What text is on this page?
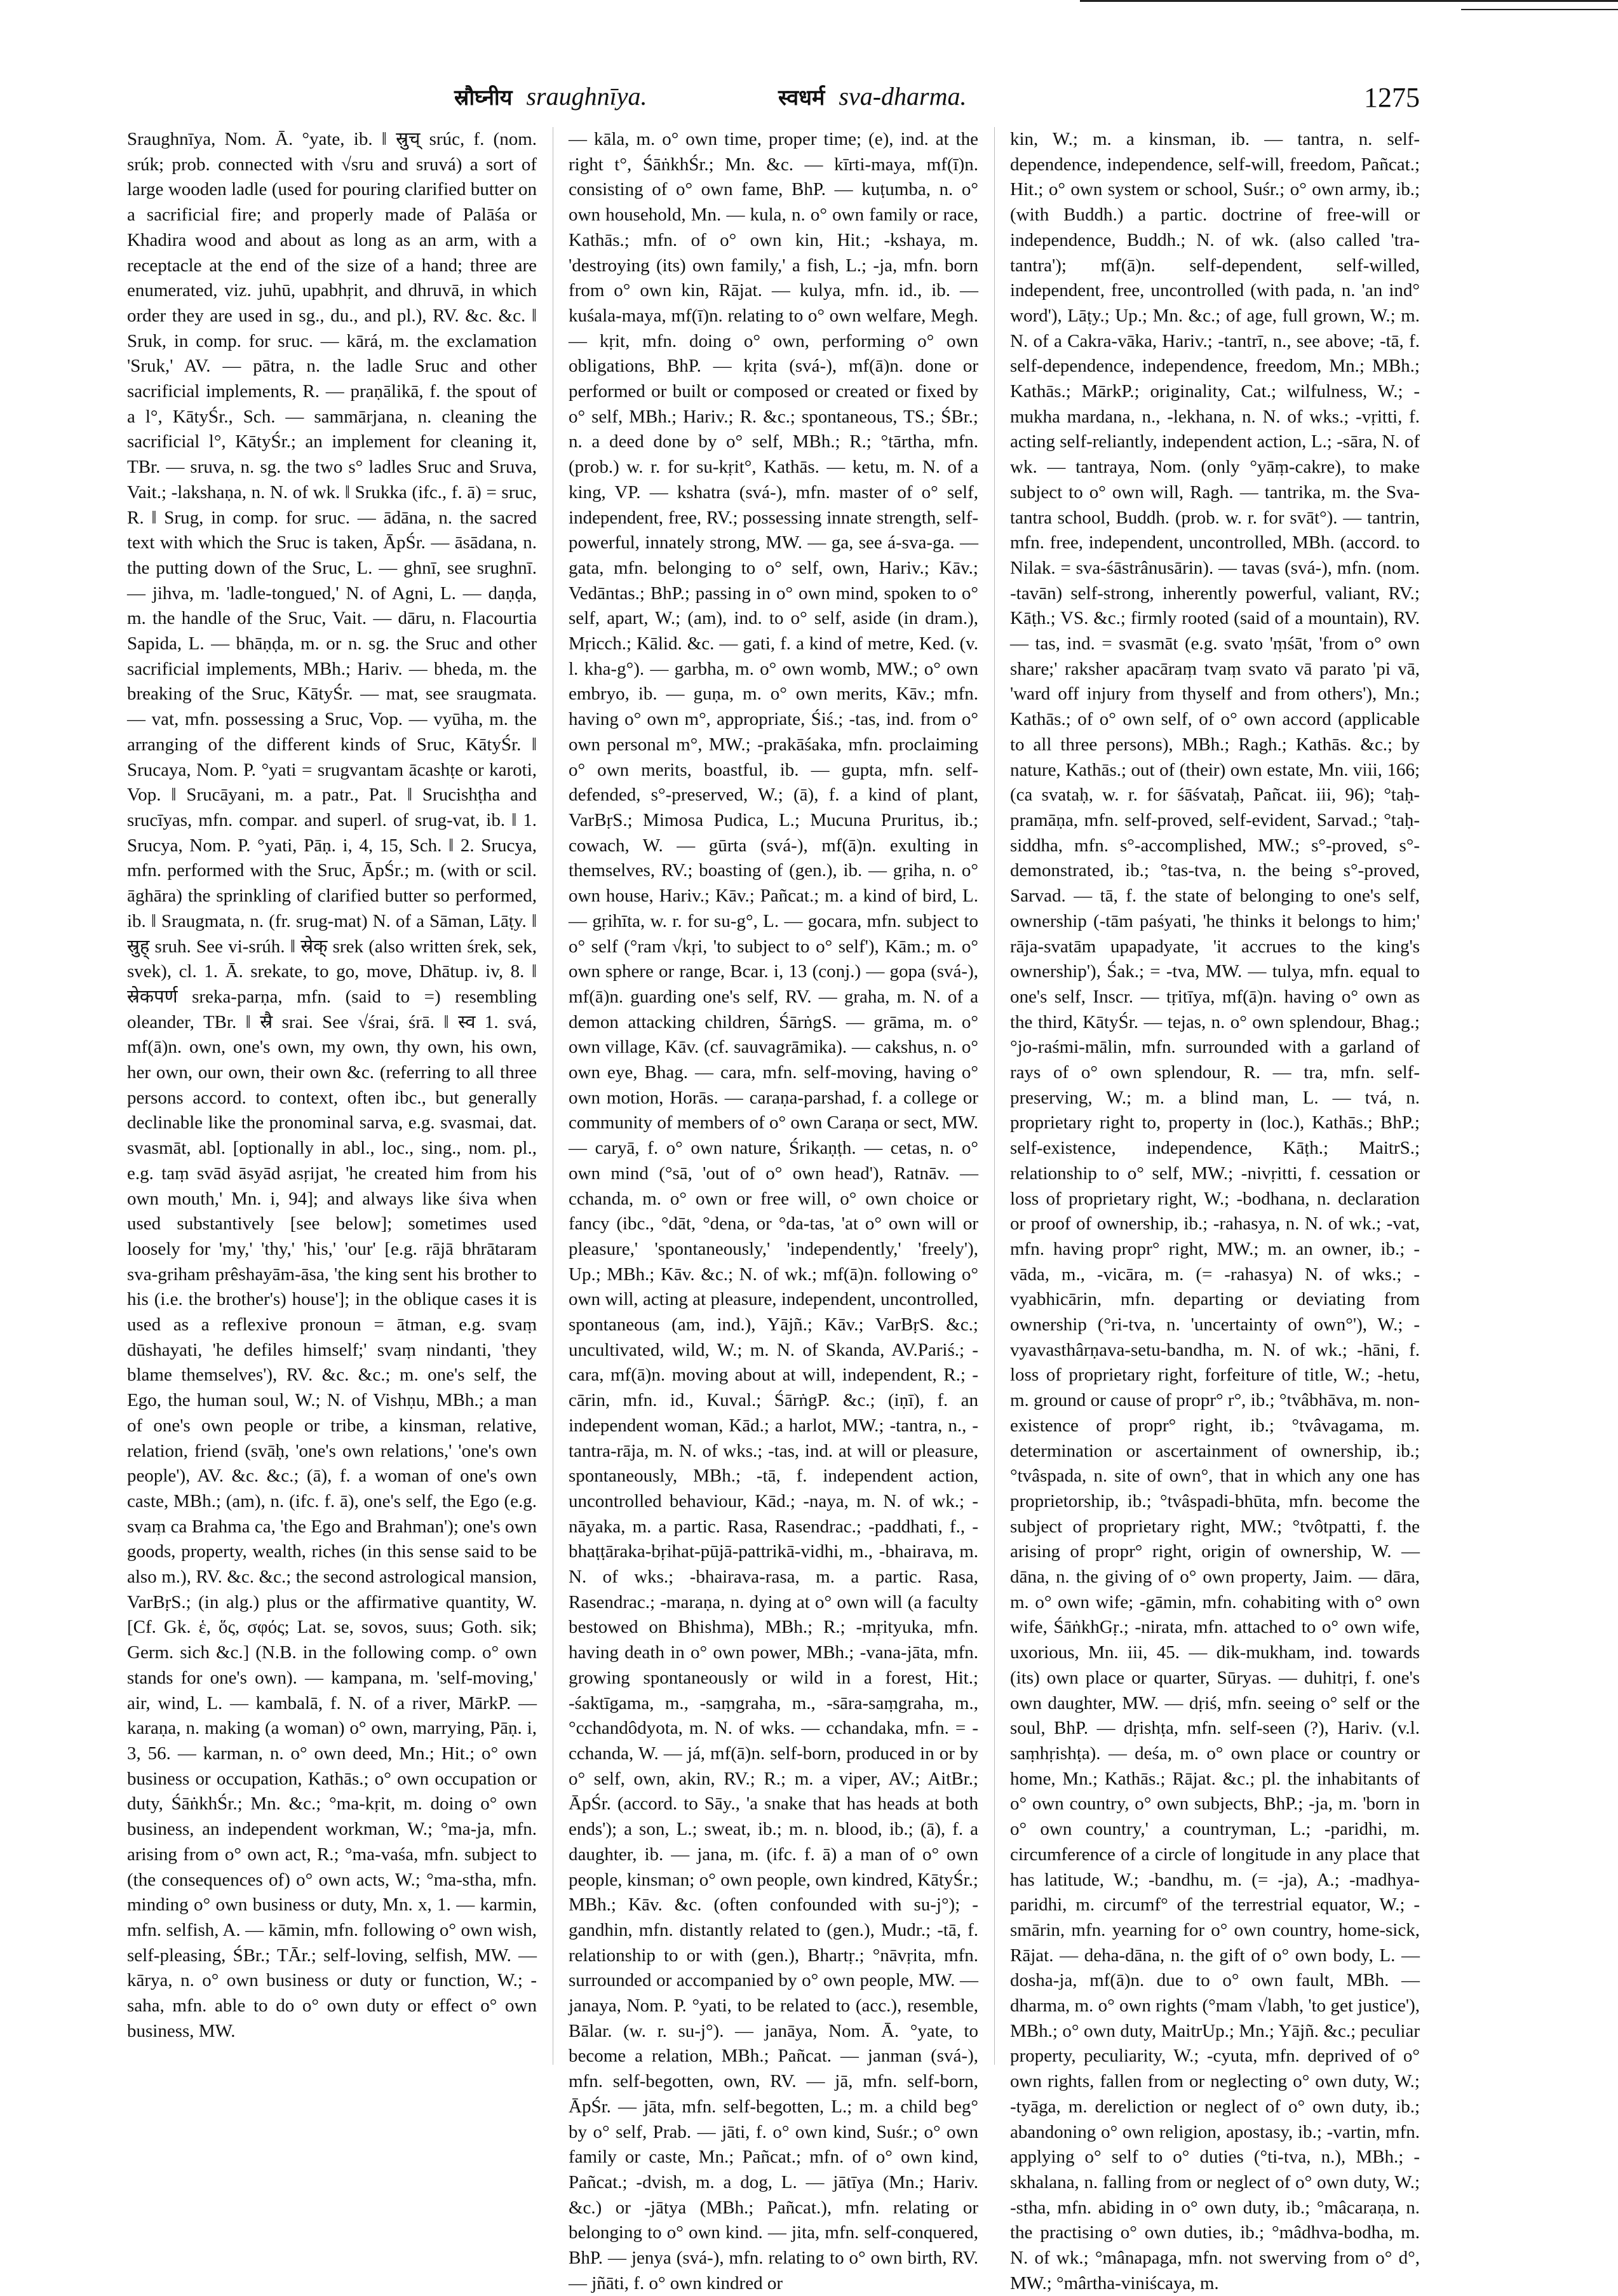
स्रौघ्नीय sraughnīya.	स्वधर्म sva-dharma.	1275

Sraughnīya, Nom. Ā. °yate, ib. ‖ स्रुच् srúc, f. (nom. srúk; prob. connected with √sru and sruvá) a sort of large wooden ladle (used for pouring clarified butter on a sacrificial fire; and properly made of Palāśa or Khadira wood and about as long as an arm, with a receptacle at the end of the size of a hand; three are enumerated, viz. juhū, upabhṛit, and dhruvā, in which order they are used in sg., du., and pl.), RV. &c. &c. ‖ Sruk, in comp. for sruc. — kārá, m. the exclamation 'Sruk,' AV. — pātra, n. the ladle Sruc and other sacrificial implements, R. — praṇālikā, f. the spout of a l°, KātyŚr., Sch. — sammārjana, n. cleaning the sacrificial l°, KātyŚr.; an implement for cleaning it, TBr. — sruva, n. sg. the two s° ladles Sruc and Sruva, Vait.; -lakshaṇa, n. N. of wk. ‖ Srukka (ifc., f. ā) = sruc, R. ‖ Srug, in comp. for sruc. — ādāna, n. the sacred text with which the Sruc is taken, ĀpŚr. — āsādana, n. the putting down of the Sruc, L. — ghnī, see srughnī. — jihva, m. 'ladle-tongued,' N. of Agni, L. — daṇḍa, m. the handle of the Sruc, Vait. — dāru, n. Flacourtia Sapida, L. — bhāṇḍa, m. or n. sg. the Sruc and other sacrificial implements, MBh.; Hariv. — bheda, m. the breaking of the Sruc, KātyŚr. — mat, see sraugmata. — vat, mfn. possessing a Sruc, Vop. — vyūha, m. the arranging of the different kinds of Sruc, KātyŚr. ‖ Srucaya, Nom. P. °yati = srugvantam ācashṭe or karoti, Vop. ‖ Srucāyani, m. a patr., Pat. ‖ Srucishṭha and srucīyas, mfn. compar. and superl. of srug-vat, ib. ‖ 1. Srucya, Nom. P. °yati, Pāṇ. i, 4, 15, Sch. ‖ 2. Srucya, mfn. performed with the Sruc, ĀpŚr.; m. (with or scil. āghāra) the sprinkling of clarified butter so performed, ib. ‖ Sraugmata, n. (fr. srug-mat) N. of a Sāman, Lāṭy. ‖ स्रुह् sruh. See vi-srúh. ‖ स्रेक् srek (also written śrek, sek, svek), cl. 1. Ā. srekate, to go, move, Dhātup. iv, 8. ‖ स्रेकपर्ण sreka-parṇa, mfn. (said to =) resembling oleander, TBr. ‖ स्रै srai. See √śrai, śrā. ‖ स्व 1. svá, mf(ā)n. own, one's own, my own, thy own, his own, her own, our own, their own &c. (referring to all three persons accord. to context, often ibc., but generally declinable like the pronominal sarva, e.g. svasmai, dat. svasmāt, abl. [optionally in abl., loc., sing., nom. pl., e.g. taṃ svād āsyād asṛijat, 'he created him from his own mouth,' Mn. i, 94]; and always like śiva when used substantively [see below]; sometimes used loosely for 'my,' 'thy,' 'his,' 'our' [e.g. rājā bhrātaram sva-griham prêshayām-āsa, 'the king sent his brother to his (i.e. the brother's) house']; in the oblique cases it is used as a reflexive pronoun = ātman, e.g. svaṃ dūshayati, 'he defiles himself;' svaṃ nindanti, 'they blame themselves'), RV. &c. &c.; m. one's self, the Ego, the human soul, W.; N. of Vishṇu, MBh.; a man of one's own people or tribe, a kinsman, relative, relation, friend (svāḥ, 'one's own relations,' 'one's own people'), AV. &c. &c.; (ā), f. a woman of one's own caste, MBh.; (am), n. (ifc. f. ā), one's self, the Ego (e.g. svaṃ ca Brahma ca, 'the Ego and Brahman'); one's own goods, property, wealth, riches (in this sense said to be also m.), RV. &c. &c.; the second astrological mansion, VarBṛS.; (in alg.) plus or the affirmative quantity, W. [Cf. Gk. ἑ, ὅς, σφός; Lat. se, sovos, suus; Goth. sik; Germ. sich &c.] (N.B. in the following comp. o° own stands for one's own). — kampana, m. 'self-moving,' air, wind, L. — kambalā, f. N. of a river, MārkP. — karaṇa, n. making (a woman) o° own, marrying, Pāṇ. i, 3, 56. — karman, n. o° own deed, Mn.; Hit.; o° own business or occupation, Kathās.; o° own occupation or duty, ŚāṅkhŚr.; Mn. &c.; °ma-kṛit, m. doing o° own business, an independent workman, W.; °ma-ja, mfn. arising from o° own act, R.; °ma-vaśa, mfn. subject to (the consequences of) o° own acts, W.; °ma-stha, mfn. minding o° own business or duty, Mn. x, 1. — karmin, mfn. selfish, A. — kāmin, mfn. following o° own wish, self-pleasing, ŚBr.; TĀr.; self-loving, selfish, MW. — kārya, n. o° own business or duty or function, W.; -saha, mfn. able to do o° own duty or effect o° own business, MW.

— kāla, m. o° own time, proper time; (e), ind. at the right t°, ŚāṅkhŚr.; Mn. &c. — kīrti-maya, mf(ī)n. consisting of o° own fame, BhP. — kuṭumba, n. o° own household, Mn. — kula, n. o° own family or race, Kathās.; mfn. of o° own kin, Hit.; -kshaya, m. 'destroying (its) own family,' a fish, L.; -ja, mfn. born from o° own kin, Rājat. — kulya, mfn. id., ib. — kuśala-maya, mf(ī)n. relating to o° own welfare, Megh. — kṛit, mfn. doing o° own, performing o° own obligations, BhP. — kṛita (svá-), mf(ā)n. done or performed or built or composed or created or fixed by o° self, MBh.; Hariv.; R. &c.; spontaneous, TS.; ŚBr.; n. a deed done by o° self, MBh.; R.; °tārtha, mfn. (prob.) w. r. for su-kṛit°, Kathās. — ketu, m. N. of a king, VP. — kshatra (svá-), mfn. master of o° self, independent, free, RV.; possessing innate strength, self-powerful, innately strong, MW. — ga, see á-sva-ga. — gata, mfn. belonging to o° self, own, Hariv.; Kāv.; Vedāntas.; BhP.; passing in o° own mind, spoken to o° self, apart, W.; (am), ind. to o° self, aside (in dram.), Mṛicch.; Kālid. &c. — gati, f. a kind of metre, Ked. (v. l. kha-g°). — garbha, m. o° own womb, MW.; o° own embryo, ib. — guṇa, m. o° own merits, Kāv.; mfn. having o° own m°, appropriate, Śiś.; -tas, ind. from o° own personal m°, MW.; -prakāśaka, mfn. proclaiming o° own merits, boastful, ib. — gupta, mfn. self-defended, s°-preserved, W.; (ā), f. a kind of plant, VarBṛS.; Mimosa Pudica, L.; Mucuna Pruritus, ib.; cowach, W. — gūrta (svá-), mf(ā)n. exulting in themselves, RV.; boasting of (gen.), ib. — gṛiha, n. o° own house, Hariv.; Kāv.; Pañcat.; m. a kind of bird, L. — gṛihīta, w. r. for su-g°, L. — gocara, mfn. subject to o° self (°ram √kṛi, 'to subject to o° self'), Kām.; m. o° own sphere or range, Bcar. i, 13 (conj.) — gopa (svá-), mf(ā)n. guarding one's self, RV. — graha, m. N. of a demon attacking children, ŚārṅgS. — grāma, m. o° own village, Kāv. (cf. sauvagrāmika). — cakshus, n. o° own eye, Bhag. — cara, mfn. self-moving, having o° own motion, Horās. — caraṇa-parshad, f. a college or community of members of o° own Caraṇa or sect, MW. — caryā, f. o° own nature, Śrikaṇṭh. — cetas, n. o° own mind (°sā, 'out of o° own head'), Ratnāv. — cchanda, m. o° own or free will, o° own choice or fancy (ibc., °dāt, °dena, or °da-tas, 'at o° own will or pleasure,' 'spontaneously,' 'independently,' 'freely'), Up.; MBh.; Kāv. &c.; N. of wk.; mf(ā)n. following o° own will, acting at pleasure, independent, uncontrolled, spontaneous (am, ind.), Yājñ.; Kāv.; VarBṛS. &c.; uncultivated, wild, W.; m. N. of Skanda, AV.Pariś.; -cara, mf(ā)n. moving about at will, independent, R.; -cārin, mfn. id., Kuval.; ŚārṅgP. &c.; (iṇī), f. an independent woman, Kād.; a harlot, MW.; -tantra, n., -tantra-rāja, m. N. of wks.; -tas, ind. at will or pleasure, spontaneously, MBh.; -tā, f. independent action, uncontrolled behaviour, Kād.; -naya, m. N. of wk.; -nāyaka, m. a partic. Rasa, Rasendrac.; -paddhati, f., -bhaṭṭāraka-bṛihat-pūjā-pattrikā-vidhi, m., -bhairava, m. N. of wks.; -bhairava-rasa, m. a partic. Rasa, Rasendrac.; -maraṇa, n. dying at o° own will (a faculty bestowed on Bhishma), MBh.; R.; -mṛityuka, mfn. having death in o° own power, MBh.; -vana-jāta, mfn. growing spontaneously or wild in a forest, Hit.; -śaktīgama, m., -saṃgraha, m., -sāra-saṃgraha, m., °cchandôdyota, m. N. of wks. — cchandaka, mfn. = -cchanda, W. — já, mf(ā)n. self-born, produced in or by o° self, own, akin, RV.; R.; m. a viper, AV.; AitBr.; ĀpŚr. (accord. to Sāy., 'a snake that has heads at both ends'); a son, L.; sweat, ib.; m. n. blood, ib.; (ā), f. a daughter, ib. — jana, m. (ifc. f. ā) a man of o° own people, kinsman; o° own people, own kindred, KātyŚr.; MBh.; Kāv. &c. (often confounded with su-j°); -gandhin, mfn. distantly related to (gen.), Mudr.; -tā, f. relationship to or with (gen.), Bhartṛ.; °nāvṛita, mfn. surrounded or accompanied by o° own people, MW. — janaya, Nom. P. °yati, to be related to (acc.), resemble, Bālar. (w. r. su-j°). — janāya, Nom. Ā. °yate, to become a relation, MBh.; Pañcat. — janman (svá-), mfn. self-begotten, own, RV. — jā, mfn. self-born, ĀpŚr. — jāta, mfn. self-begotten, L.; m. a child beg° by o° self, Prab. — jāti, f. o° own kind, Suśr.; o° own family or caste, Mn.; Pañcat.; mfn. of o° own kind, Pañcat.; -dvish, m. a dog, L. — jātīya (Mn.; Hariv. &c.) or -jātya (MBh.; Pañcat.), mfn. relating or belonging to o° own kind. — jita, mfn. self-conquered, BhP. — jenya (svá-), mfn. relating to o° own birth, RV. — jñāti, f. o° own kindred or

kin, W.; m. a kinsman, ib. — tantra, n. self-dependence, independence, self-will, freedom, Pañcat.; Hit.; o° own system or school, Suśr.; o° own army, ib.; (with Buddh.) a partic. doctrine of free-will or independence, Buddh.; N. of wk. (also called 'tra-tantra'); mf(ā)n. self-dependent, self-willed, independent, free, uncontrolled (with pada, n. 'an ind° word'), Lāṭy.; Up.; Mn. &c.; of age, full grown, W.; m. N. of a Cakra-vāka, Hariv.; -tantrī, n., see above; -tā, f. self-dependence, independence, freedom, Mn.; MBh.; Kathās.; MārkP.; originality, Cat.; wilfulness, W.; -mukha mardana, n., -lekhana, n. N. of wks.; -vṛitti, f. acting self-reliantly, independent action, L.; -sāra, N. of wk. — tantraya, Nom. (only °yāṃ-cakre), to make subject to o° own will, Ragh. — tantrika, m. the Sva-tantra school, Buddh. (prob. w. r. for svāt°). — tantrin, mfn. free, independent, uncontrolled, MBh. (accord. to Nilak. = sva-śāstrânusārin). — tavas (svá-), mfn. (nom. -tavān) self-strong, inherently powerful, valiant, RV.; Kāṭh.; VS. &c.; firmly rooted (said of a mountain), RV. — tas, ind. = svasmāt (e.g. svato 'ṃśāt, 'from o° own share;' raksher apacāraṃ tvaṃ svato vā parato 'pi vā, 'ward off injury from thyself and from others'), Mn.; Kathās.; of o° own self, of o° own accord (applicable to all three persons), MBh.; Ragh.; Kathās. &c.; by nature, Kathās.; out of (their) own estate, Mn. viii, 166; (ca svataḥ, w. r. for śāśvataḥ, Pañcat. iii, 96); °taḥ-pramāṇa, mfn. self-proved, self-evident, Sarvad.; °taḥ-siddha, mfn. s°-accomplished, MW.; s°-proved, s°-demonstrated, ib.; °tas-tva, n. the being s°-proved, Sarvad. — tā, f. the state of belonging to one's self, ownership (-tām paśyati, 'he thinks it belongs to him;' rāja-svatām upapadyate, 'it accrues to the king's ownership'), Śak.; = -tva, MW. — tulya, mfn. equal to one's self, Inscr. — tṛitīya, mf(ā)n. having o° own as the third, KātyŚr. — tejas, n. o° own splendour, Bhag.; °jo-raśmi-mālin, mfn. surrounded with a garland of rays of o° own splendour, R. — tra, mfn. self-preserving, W.; m. a blind man, L. — tvá, n. proprietary right to, property in (loc.), Kathās.; BhP.; self-existence, independence, Kāṭh.; MaitrS.; relationship to o° self, MW.; -nivṛitti, f. cessation or loss of proprietary right, W.; -bodhana, n. declaration or proof of ownership, ib.; -rahasya, n. N. of wk.; -vat, mfn. having propr° right, MW.; m. an owner, ib.; -vāda, m., -vicāra, m. (= -rahasya) N. of wks.; -vyabhicārin, mfn. departing or deviating from ownership (°ri-tva, n. 'uncertainty of own°'), W.; -vyavasthârṇava-setu-bandha, m. N. of wk.; -hāni, f. loss of proprietary right, forfeiture of title, W.; -hetu, m. ground or cause of propr° r°, ib.; °tvâbhāva, m. non-existence of propr° right, ib.; °tvâvagama, m. determination or ascertainment of ownership, ib.; °tvâspada, n. site of own°, that in which any one has proprietorship, ib.; °tvâspadi-bhūta, mfn. become the subject of proprietary right, MW.; °tvôtpatti, f. the arising of propr° right, origin of ownership, W. — dāna, n. the giving of o° own property, Jaim. — dāra, m. o° own wife; -gāmin, mfn. cohabiting with o° own wife, ŚāṅkhGṛ.; -nirata, mfn. attached to o° own wife, uxorious, Mn. iii, 45. — dik-mukham, ind. towards (its) own place or quarter, Sūryas. — duhitṛi, f. one's own daughter, MW. — dṛiś, mfn. seeing o° self or the soul, BhP. — dṛishṭa, mfn. self-seen (?), Hariv. (v.l. saṃhṛishṭa). — deśa, m. o° own place or country or home, Mn.; Kathās.; Rājat. &c.; pl. the inhabitants of o° own country, o° own subjects, BhP.; -ja, m. 'born in o° own country,' a countryman, L.; -paridhi, m. circumference of a circle of longitude in any place that has latitude, W.; -bandhu, m. (= -ja), A.; -madhya-paridhi, m. circumf° of the terrestrial equator, W.; -smārin, mfn. yearning for o° own country, home-sick, Rājat. — deha-dāna, n. the gift of o° own body, L. — dosha-ja, mf(ā)n. due to o° own fault, MBh. — dharma, m. o° own rights (°mam √labh, 'to get justice'), MBh.; o° own duty, MaitrUp.; Mn.; Yājñ. &c.; peculiar property, peculiarity, W.; -cyuta, mfn. deprived of o° own rights, fallen from or neglecting o° own duty, W.; -tyāga, m. dereliction or neglect of o° own duty, ib.; abandoning o° own religion, apostasy, ib.; -vartin, mfn. applying o° self to o° duties (°ti-tva, n.), MBh.; -skhalana, n. falling from or neglect of o° own duty, W.; -stha, mfn. abiding in o° own duty, ib.; °mâcaraṇa, n. the practising o° own duties, ib.; °mâdhva-bodha, m. N. of wk.; °mânapaga, mfn. not swerving from o° d°, MW.; °mârtha-viniścaya, m.
